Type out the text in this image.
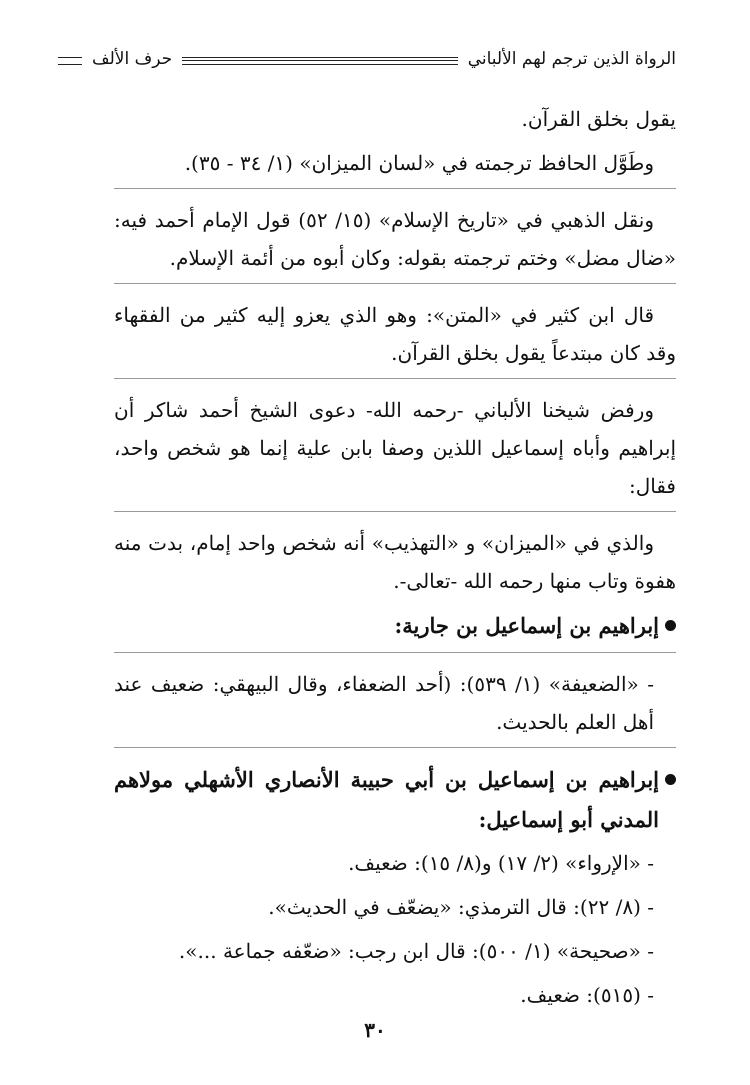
الرواة الذين ترجم لهم الألباني
حرف الألف

يقول بخلق القرآن.

وطَوَّل الحافظ ترجمته في «لسان الميزان» (١/ ٣٤ - ٣٥).

ونقل الذهبي في «تاريخ الإسلام» (١٥/ ٥٢) قول الإمام أحمد فيه: «ضال مضل» وختم ترجمته بقوله: وكان أبوه من أئمة الإسلام.

قال ابن كثير في «المتن»: وهو الذي يعزو إليه كثير من الفقهاء وقد كان مبتدعاً يقول بخلق القرآن.

ورفض شيخنا الألباني -رحمه الله- دعوى الشيخ أحمد شاكر أن إبراهيم وأباه إسماعيل اللذين وصفا بابن علية إنما هو شخص واحد، فقال:

والذي في «الميزان» و «التهذيب» أنه شخص واحد إمام، بدت منه هفوة وتاب منها رحمه الله -تعالى-.

إبراهيم بن إسماعيل بن جارية:

- «الضعيفة» (١/ ٥٣٩): (أحد الضعفاء، وقال البيهقي: ضعيف عند أهل العلم بالحديث.

إبراهيم بن إسماعيل بن أبي حبيبة الأنصاري الأشهلي مولاهم المدني أبو إسماعيل:

- «الإرواء» (٢/ ١٧) و(٨/ ١٥): ضعيف.

- (٨/ ٢٢): قال الترمذي: «يضعّف في الحديث».

- «صحيحة» (١/ ٥٠٠): قال ابن رجب: «ضعّفه جماعة ...».

- (٥١٥): ضعيف.

٣٠
